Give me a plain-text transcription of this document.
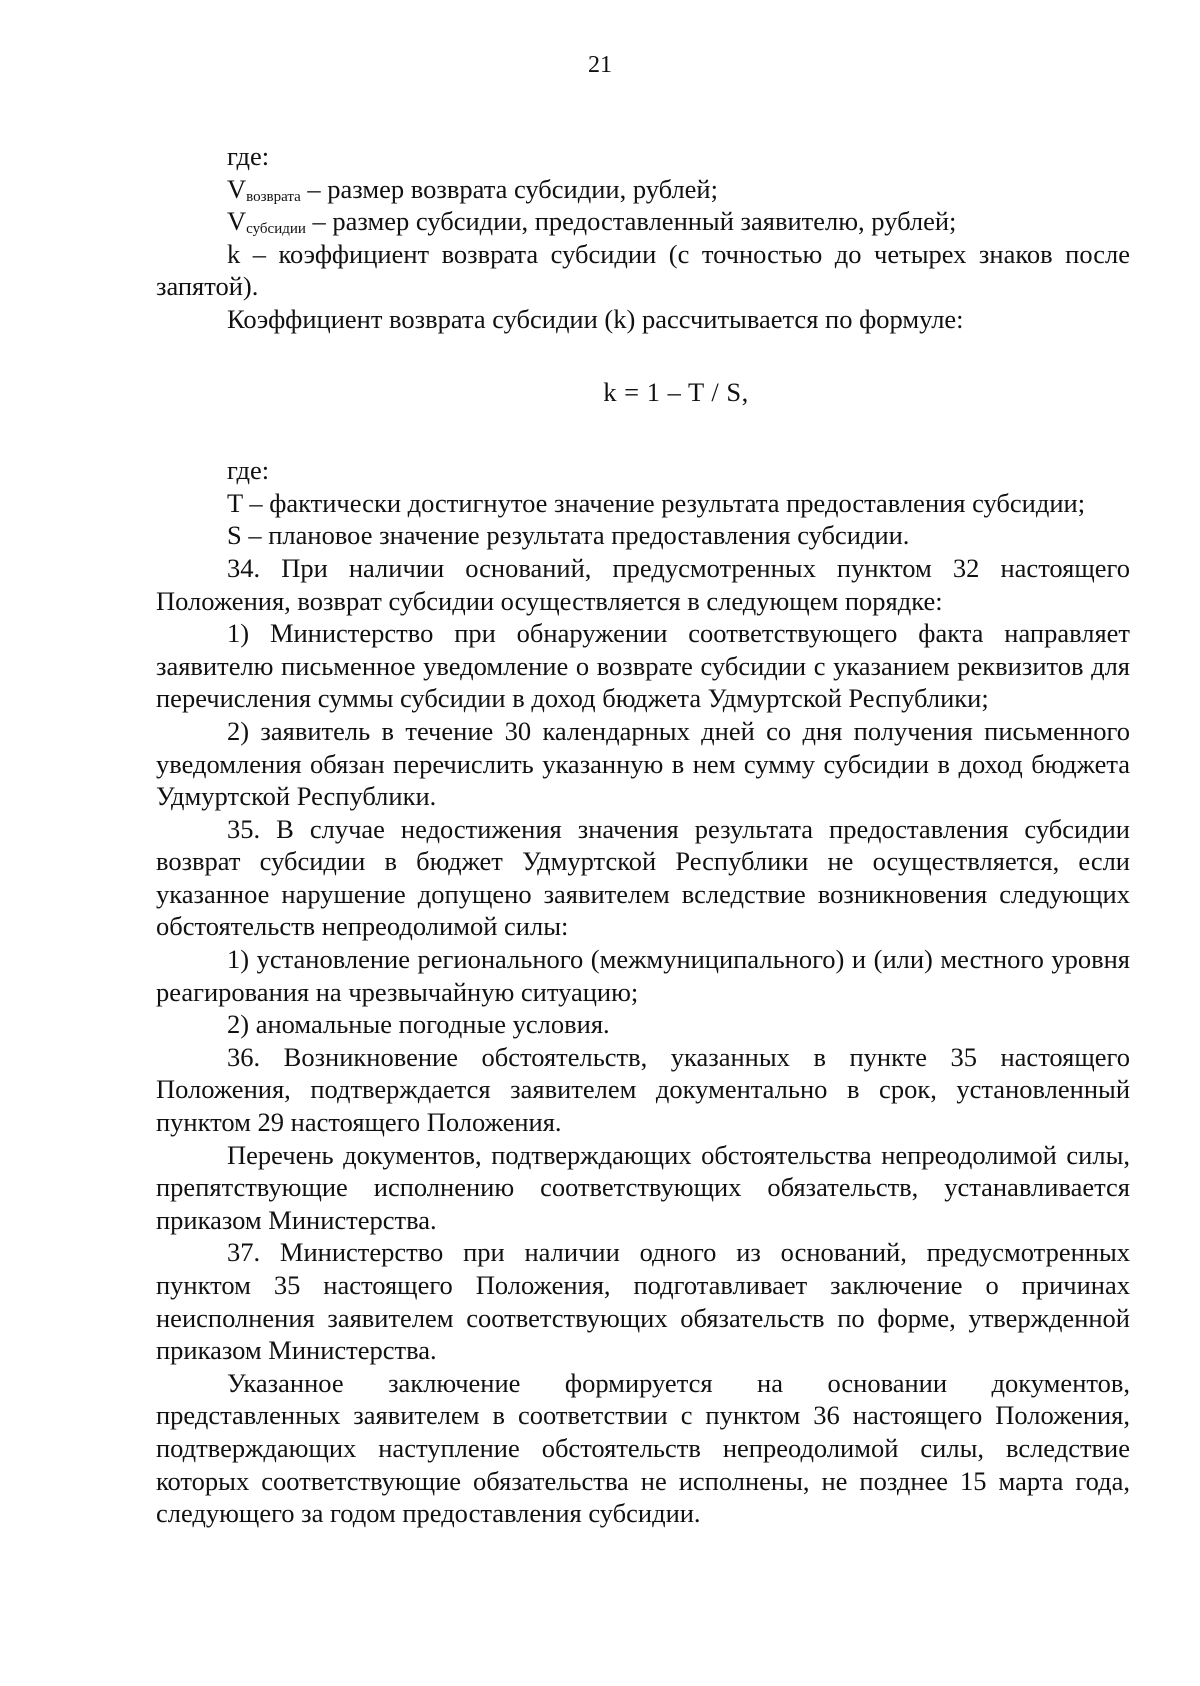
21

где:

$V_{возврата}$ – размер возврата субсидии, рублей;

$V_{субсидии}$ – размер субсидии, предоставленный заявителю, рублей;

k – коэффициент возврата субсидии (с точностью до четырех знаков после запятой).

Коэффициент возврата субсидии (k) рассчитывается по формуле:

k = 1 – T / S,

где:

T – фактически достигнутое значение результата предоставления субсидии;

S – плановое значение результата предоставления субсидии.

34. При наличии оснований, предусмотренных пунктом 32 настоящего Положения, возврат субсидии осуществляется в следующем порядке:

1) Министерство при обнаружении соответствующего факта направляет заявителю письменное уведомление о возврате субсидии с указанием реквизитов для перечисления суммы субсидии в доход бюджета Удмуртской Республики;

2) заявитель в течение 30 календарных дней со дня получения письменного уведомления обязан перечислить указанную в нем сумму субсидии в доход бюджета Удмуртской Республики.

35. В случае недостижения значения результата предоставления субсидии возврат субсидии в бюджет Удмуртской Республики не осуществляется, если указанное нарушение допущено заявителем вследствие возникновения следующих обстоятельств непреодолимой силы:

1) установление регионального (межмуниципального) и (или) местного уровня реагирования на чрезвычайную ситуацию;

2) аномальные погодные условия.

36. Возникновение обстоятельств, указанных в пункте 35 настоящего Положения, подтверждается заявителем документально в срок, установленный пунктом 29 настоящего Положения.

Перечень документов, подтверждающих обстоятельства непреодолимой силы, препятствующие исполнению соответствующих обязательств, устанавливается приказом Министерства.

37. Министерство при наличии одного из оснований, предусмотренных пунктом 35 настоящего Положения, подготавливает заключение о причинах неисполнения заявителем соответствующих обязательств по форме, утвержденной приказом Министерства.

Указанное заключение формируется на основании документов, представленных заявителем в соответствии с пунктом 36 настоящего Положения, подтверждающих наступление обстоятельств непреодолимой силы, вследствие которых соответствующие обязательства не исполнены, не позднее 15 марта года, следующего за годом предоставления субсидии.
